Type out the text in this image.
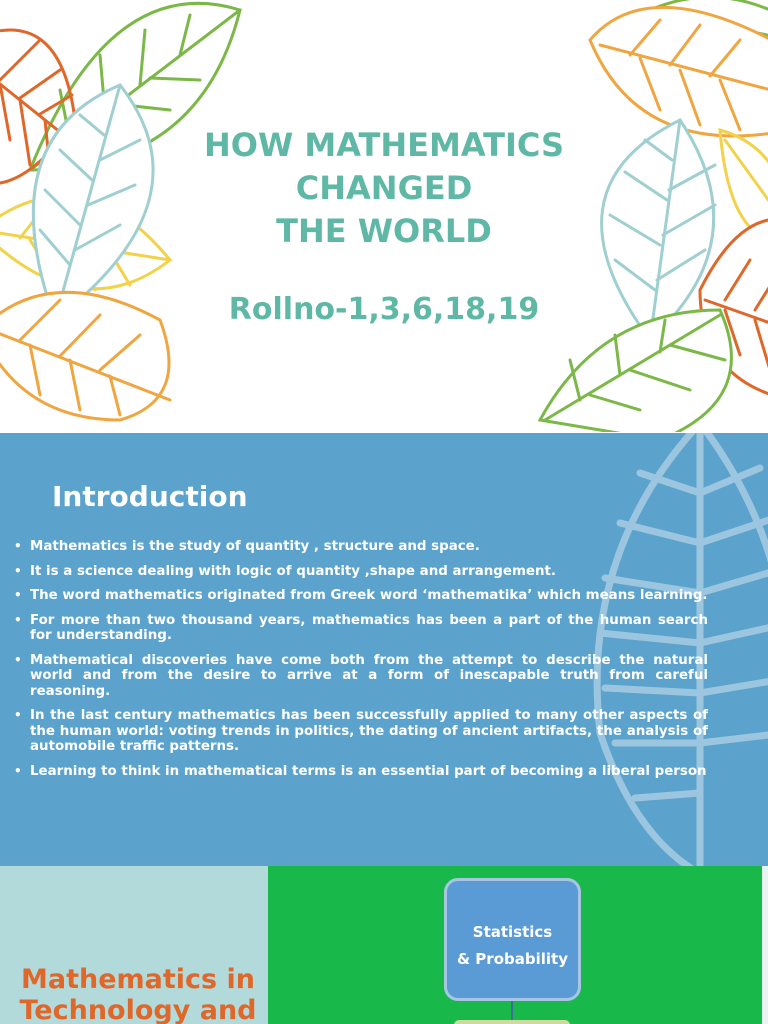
HOW MATHEMATICS
CHANGED
THE WORLD
Rollno-1,3,6,18,19
Introduction
• Mathematics is the study of quantity , structure and space.
• It is a science dealing with logic of quantity ,shape and arrangement.
• The word mathematics originated from Greek word ‘mathematika’ which means learning.
• For more than two thousand years, mathematics has been a part of the human search for understanding.
• Mathematical discoveries have come both from the attempt to describe the natural world and from the desire to arrive at a form of inescapable truth from careful reasoning.
• In the last century mathematics has been successfully applied to many other aspects of the human world: voting trends in politics, the dating of ancient artifacts, the analysis of automobile traffic patterns.
• Learning to think in mathematical terms is an essential part of becoming a liberal person
Mathematics in Technology and
Statistics
& Probability
